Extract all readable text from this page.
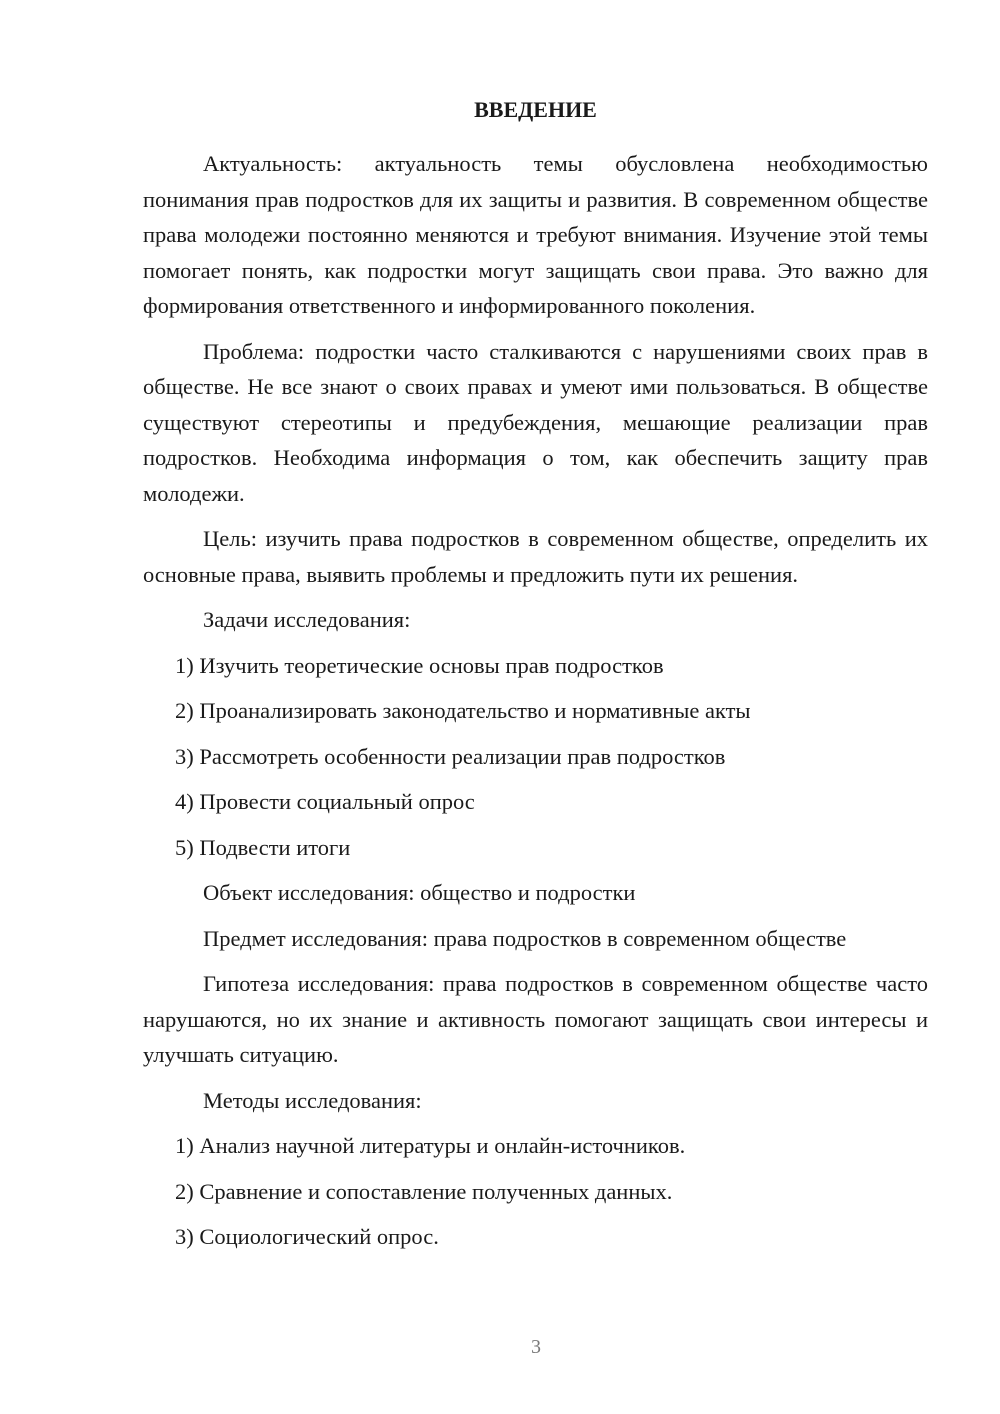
ВВЕДЕНИЕ

Актуальность: актуальность темы обусловлена необходимостью понимания прав подростков для их защиты и развития. В современном обществе права молодежи постоянно меняются и требуют внимания. Изучение этой темы помогает понять, как подростки могут защищать свои права. Это важно для формирования ответственного и информированного поколения.

Проблема: подростки часто сталкиваются с нарушениями своих прав в обществе. Не все знают о своих правах и умеют ими пользоваться. В обществе существуют стереотипы и предубеждения, мешающие реализации прав подростков. Необходима информация о том, как обеспечить защиту прав молодежи.

Цель: изучить права подростков в современном обществе, определить их основные права, выявить проблемы и предложить пути их решения.

Задачи исследования:
1) Изучить теоретические основы прав подростков
2) Проанализировать законодательство и нормативные акты
3) Рассмотреть особенности реализации прав подростков
4) Провести социальный опрос
5) Подвести итоги
Объект исследования: общество и подростки
Предмет исследования: права подростков в современном обществе

Гипотеза исследования: права подростков в современном обществе часто нарушаются, но их знание и активность помогают защищать свои интересы и улучшать ситуацию.

Методы исследования:
1) Анализ научной литературы и онлайн-источников.
2) Сравнение и сопоставление полученных данных.
3) Социологический опрос.
3
